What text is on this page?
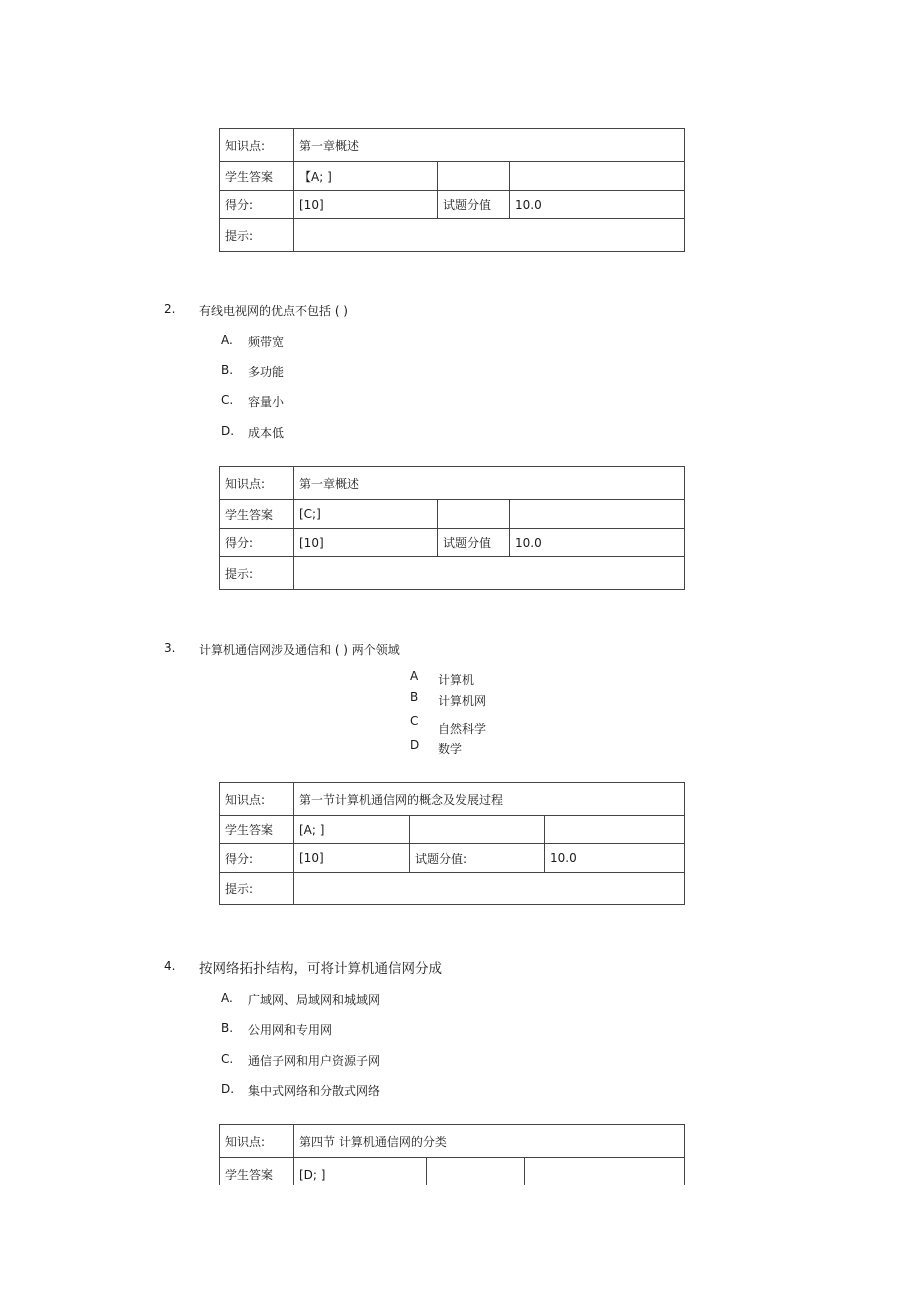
知识点:	第一章概述		
学生答案	【A; ]		
得分:	[10]	试题分值	10.0
提示:			
2. 有线电视网的优点不包括 ( )
A. 频带宽
B. 多功能
C. 容量小
D. 成本低
知识点:	第一章概述		
学生答案	[C;]		
得分:	[10]	试题分值	10.0
提示:			
3. 计算机通信网涉及通信和 ( ) 两个领域
A 计算机
B 计算机网
C
自然科学
D 数学
知识点:	第一节计算机通信网的概念及发展过程		
学生答案	[A; ]		
得分:	[10]	试题分值:	10.0
提示:			
4. 按网络拓扑结构，可将计算机通信网分成
A. 广域网、局域网和城域网
B. 公用网和专用网
C. 通信子网和用户资源子网
D. 集中式网络和分散式网络
知识点:	第四节 计算机通信网的分类		
学生答案	[D; ]		
